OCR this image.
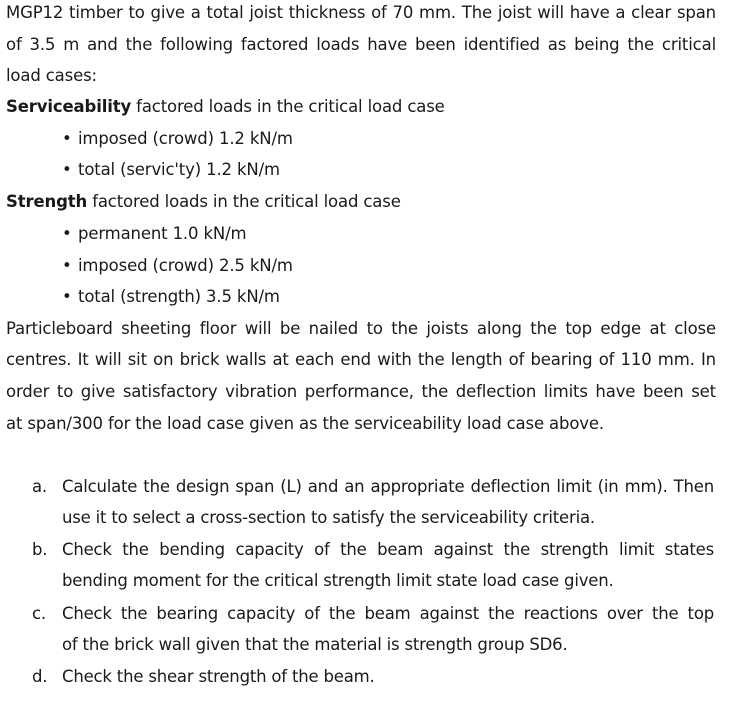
MGP12 timber to give a total joist thickness of 70 mm. The joist will have a clear span
of 3.5 m and the following factored loads have been identified as being the critical
load cases:
Serviceability factored loads in the critical load case
• imposed (crowd) 1.2 kN/m
• total (servic'ty) 1.2 kN/m
Strength factored loads in the critical load case
• permanent 1.0 kN/m
• imposed (crowd) 2.5 kN/m
• total (strength) 3.5 kN/m
Particleboard sheeting floor will be nailed to the joists along the top edge at close
centres. It will sit on brick walls at each end with the length of bearing of 110 mm. In
order to give satisfactory vibration performance, the deflection limits have been set
at span/300 for the load case given as the serviceability load case above.
a. Calculate the design span (L) and an appropriate deflection limit (in mm). Then
use it to select a cross-section to satisfy the serviceability criteria.
b. Check the bending capacity of the beam against the strength limit states
bending moment for the critical strength limit state load case given.
c. Check the bearing capacity of the beam against the reactions over the top
of the brick wall given that the material is strength group SD6.
d. Check the shear strength of the beam.
